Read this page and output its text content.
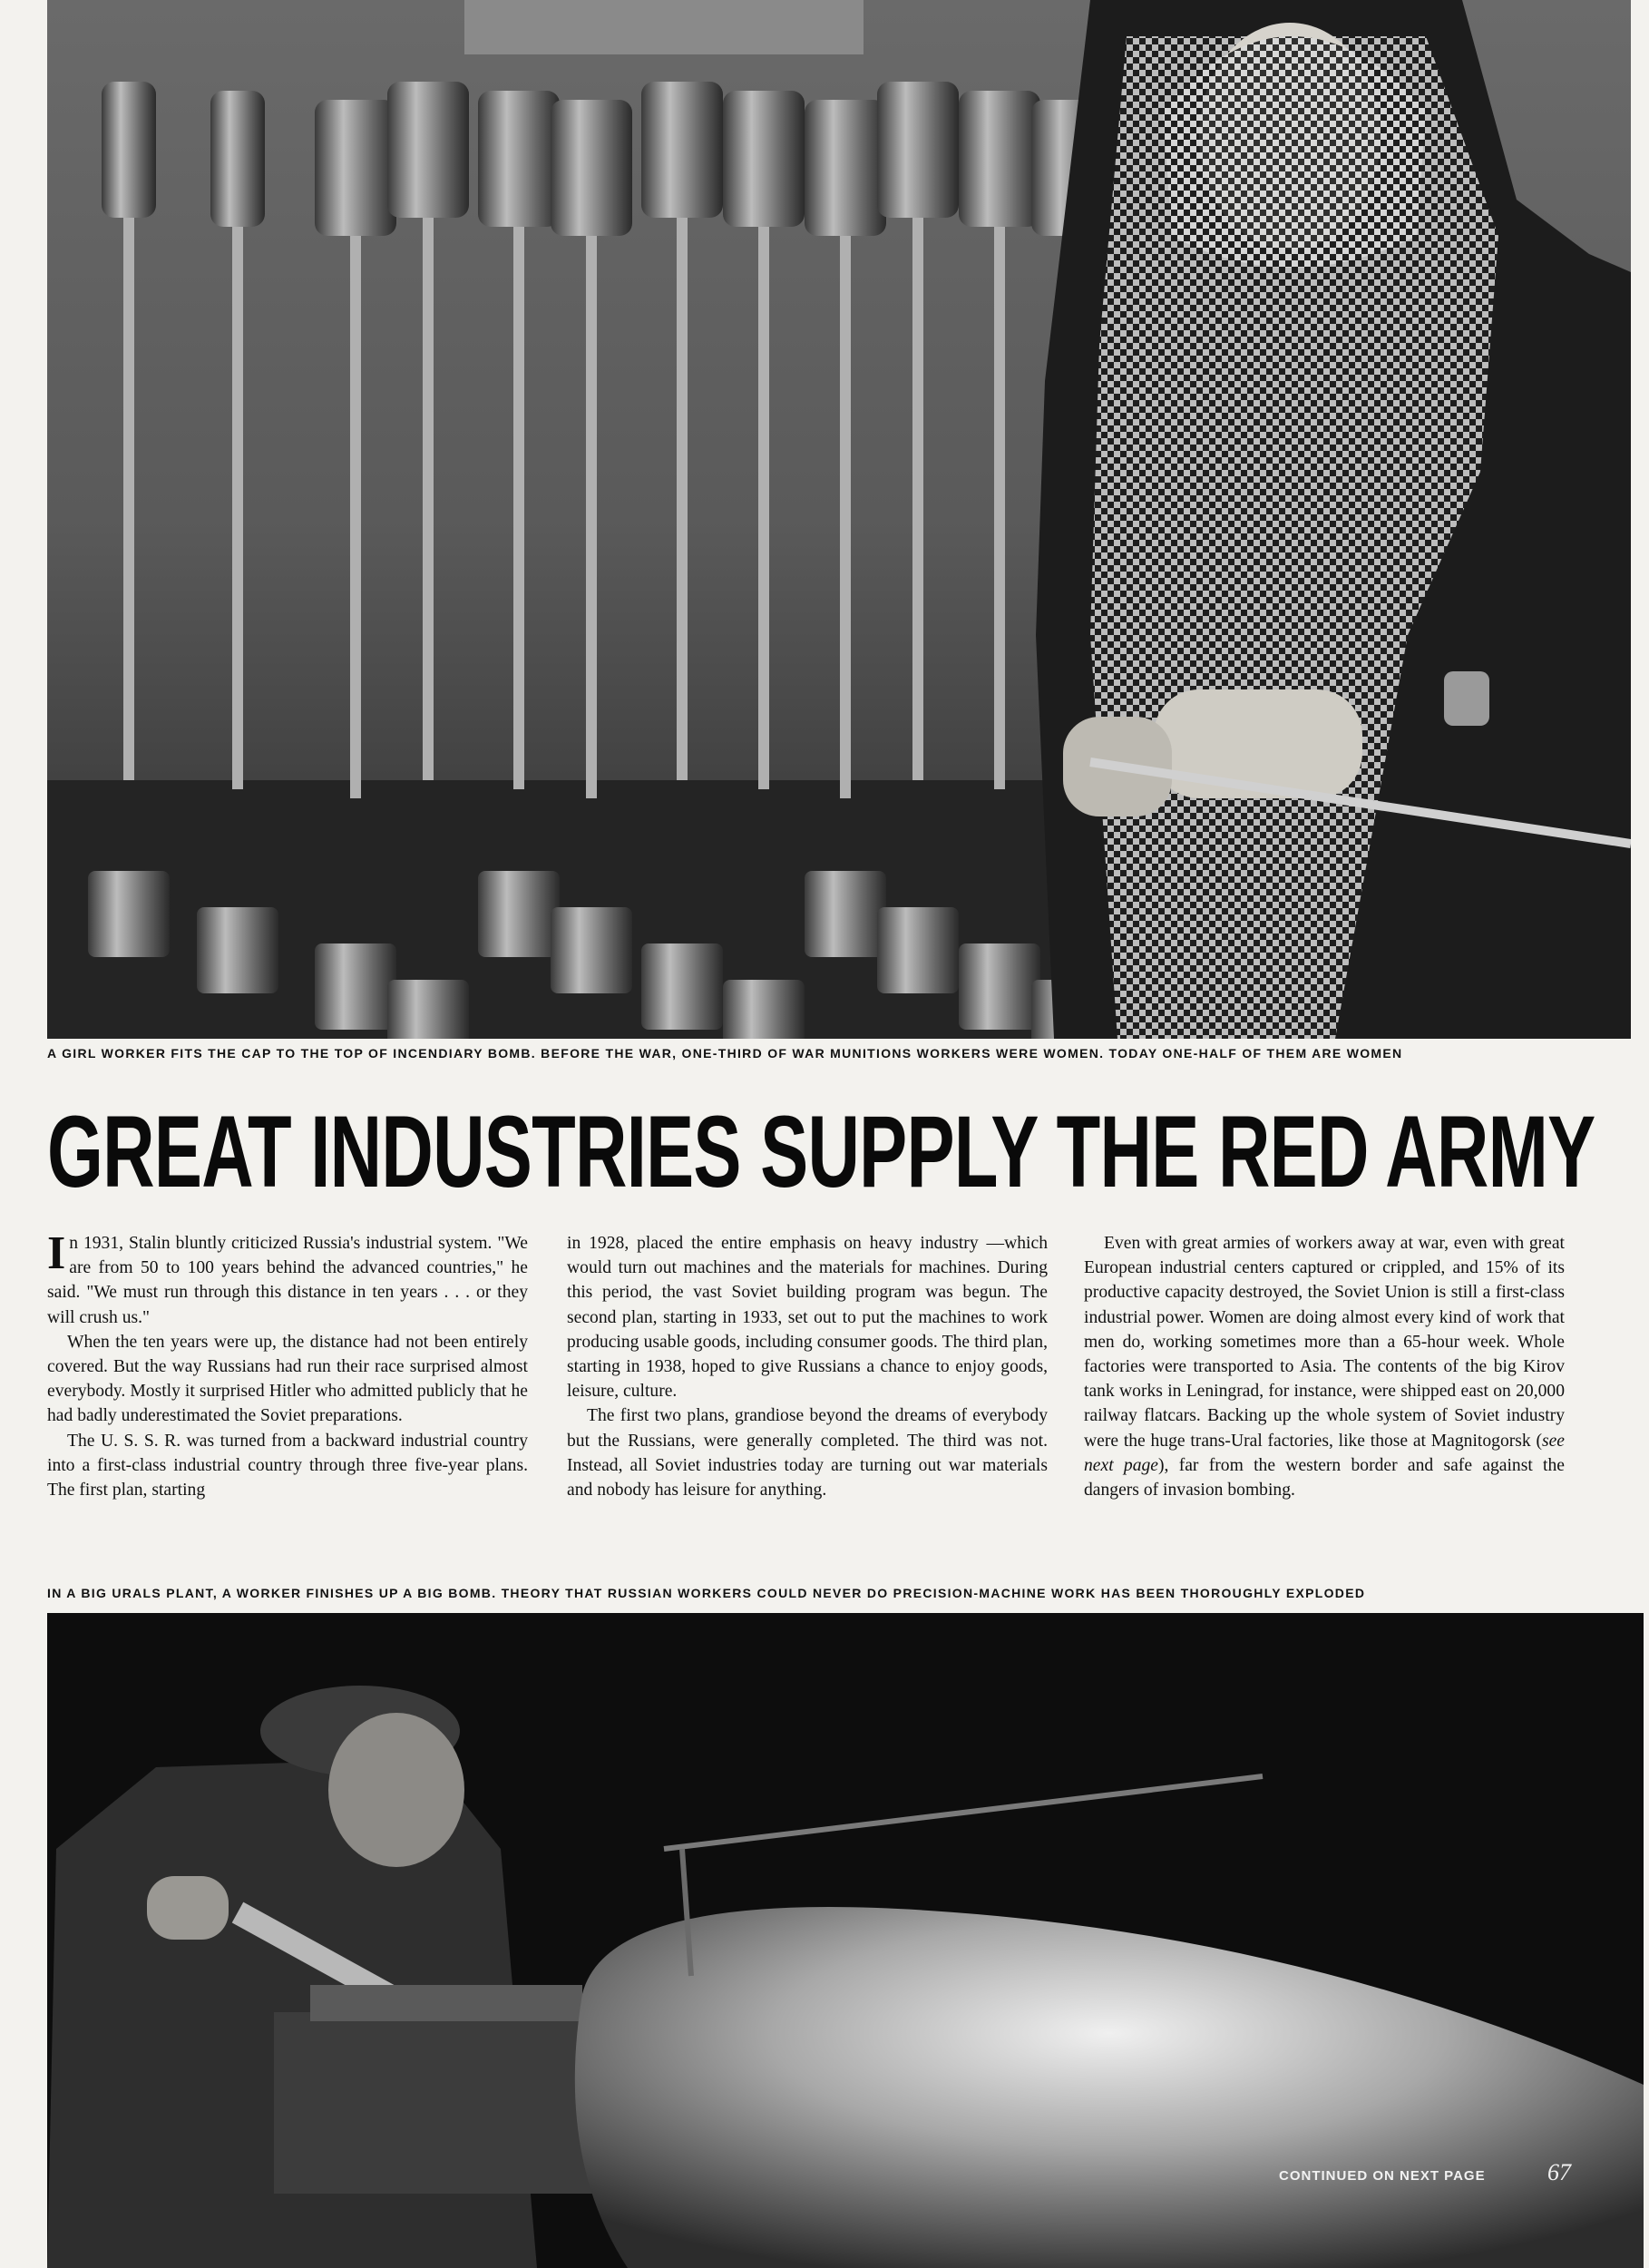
A GIRL WORKER FITS THE CAP TO THE TOP OF INCENDIARY BOMB. BEFORE THE WAR, ONE-THIRD OF WAR MUNITIONS WORKERS WERE WOMEN. TODAY ONE-HALF OF THEM ARE WOMEN
GREAT INDUSTRIES SUPPLY THE RED ARMY

In 1931, Stalin bluntly criticized Russia's industrial system. "We are from 50 to 100 years behind the advanced countries," he said. "We must run through this distance in ten years . . . or they will crush us."

When the ten years were up, the distance had not been entirely covered. But the way Russians had run their race surprised almost everybody. Mostly it surprised Hitler who admitted publicly that he had badly underestimated the Soviet preparations.

The U. S. S. R. was turned from a backward industrial country into a first-class industrial country through three five-year plans. The first plan, starting

in 1928, placed the entire emphasis on heavy industry —which would turn out machines and the materials for machines. During this period, the vast Soviet building program was begun. The second plan, starting in 1933, set out to put the machines to work producing usable goods, including consumer goods. The third plan, starting in 1938, hoped to give Russians a chance to enjoy goods, leisure, culture.

The first two plans, grandiose beyond the dreams of everybody but the Russians, were generally completed. The third was not. Instead, all Soviet industries today are turning out war materials and nobody has leisure for anything.

Even with great armies of workers away at war, even with great European industrial centers captured or crippled, and 15% of its productive capacity destroyed, the Soviet Union is still a first-class industrial power. Women are doing almost every kind of work that men do, working sometimes more than a 65-hour week. Whole factories were transported to Asia. The contents of the big Kirov tank works in Leningrad, for instance, were shipped east on 20,000 railway flatcars. Backing up the whole system of Soviet industry were the huge trans-Ural factories, like those at Magnitogorsk (see next page), far from the western border and safe against the dangers of invasion bombing.

IN A BIG URALS PLANT, A WORKER FINISHES UP A BIG BOMB. THEORY THAT RUSSIAN WORKERS COULD NEVER DO PRECISION-MACHINE WORK HAS BEEN THOROUGHLY EXPLODED
CONTINUED ON NEXT PAGE	67
